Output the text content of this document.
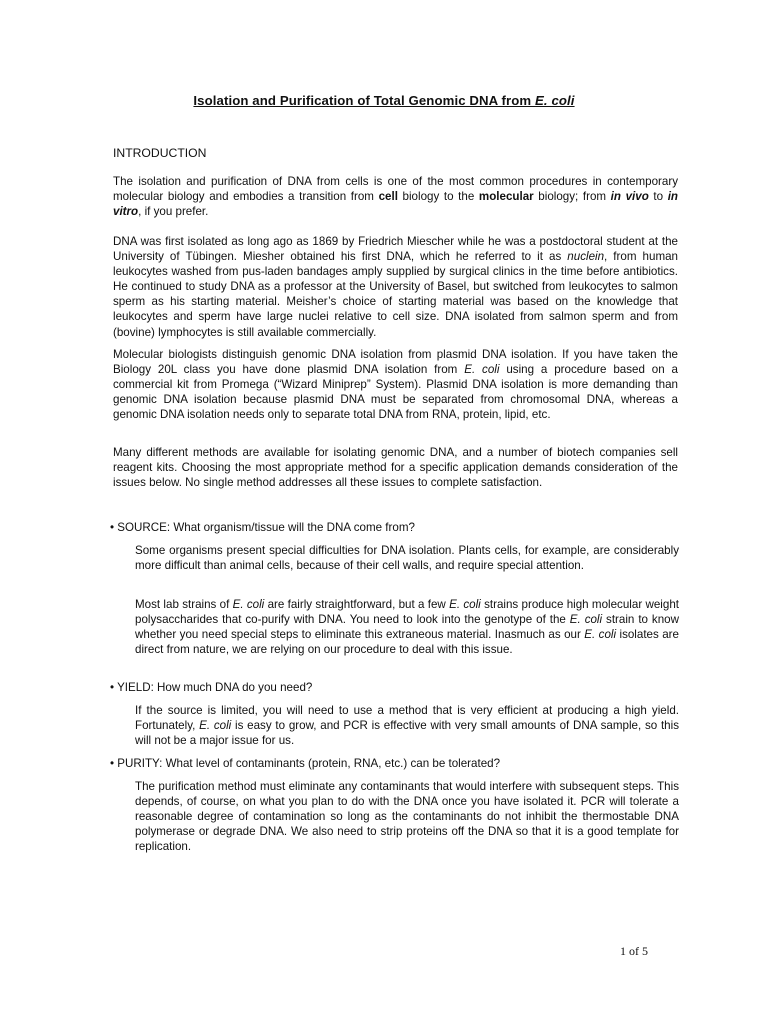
Isolation and Purification of Total Genomic DNA from E. coli
INTRODUCTION

The isolation and purification of DNA from cells is one of the most common procedures in contemporary molecular biology and embodies a transition from cell biology to the molecular biology; from in vivo to in vitro, if you prefer.

DNA was first isolated as long ago as 1869 by Friedrich Miescher while he was a postdoctoral student at the University of Tübingen. Miesher obtained his first DNA, which he referred to it as nuclein, from human leukocytes washed from pus-laden bandages amply supplied by surgical clinics in the time before antibiotics. He continued to study DNA as a professor at the University of Basel, but switched from leukocytes to salmon sperm as his starting material. Meisher’s choice of starting material was based on the knowledge that leukocytes and sperm have large nuclei relative to cell size. DNA isolated from salmon sperm and from (bovine) lymphocytes is still available commercially.

Molecular biologists distinguish genomic DNA isolation from plasmid DNA isolation. If you have taken the Biology 20L class you have done plasmid DNA isolation from E. coli using a procedure based on a commercial kit from Promega (“Wizard Miniprep” System). Plasmid DNA isolation is more demanding than genomic DNA isolation because plasmid DNA must be separated from chromosomal DNA, whereas a genomic DNA isolation needs only to separate total DNA from RNA, protein, lipid, etc.

Many different methods are available for isolating genomic DNA, and a number of biotech companies sell reagent kits. Choosing the most appropriate method for a specific application demands consideration of the issues below. No single method addresses all these issues to complete satisfaction.

• SOURCE: What organism/tissue will the DNA come from?

Some organisms present special difficulties for DNA isolation. Plants cells, for example, are considerably more difficult than animal cells, because of their cell walls, and require special attention.

Most lab strains of E. coli are fairly straightforward, but a few E. coli strains produce high molecular weight polysaccharides that co-purify with DNA. You need to look into the genotype of the E. coli strain to know whether you need special steps to eliminate this extraneous material. Inasmuch as our E. coli isolates are direct from nature, we are relying on our procedure to deal with this issue.

• YIELD: How much DNA do you need?

If the source is limited, you will need to use a method that is very efficient at producing a high yield. Fortunately, E. coli is easy to grow, and PCR is effective with very small amounts of DNA sample, so this will not be a major issue for us.

• PURITY: What level of contaminants (protein, RNA, etc.) can be tolerated?

The purification method must eliminate any contaminants that would interfere with subsequent steps. This depends, of course, on what you plan to do with the DNA once you have isolated it. PCR will tolerate a reasonable degree of contamination so long as the contaminants do not inhibit the thermostable DNA polymerase or degrade DNA. We also need to strip proteins off the DNA so that it is a good template for replication.

1 of 5
